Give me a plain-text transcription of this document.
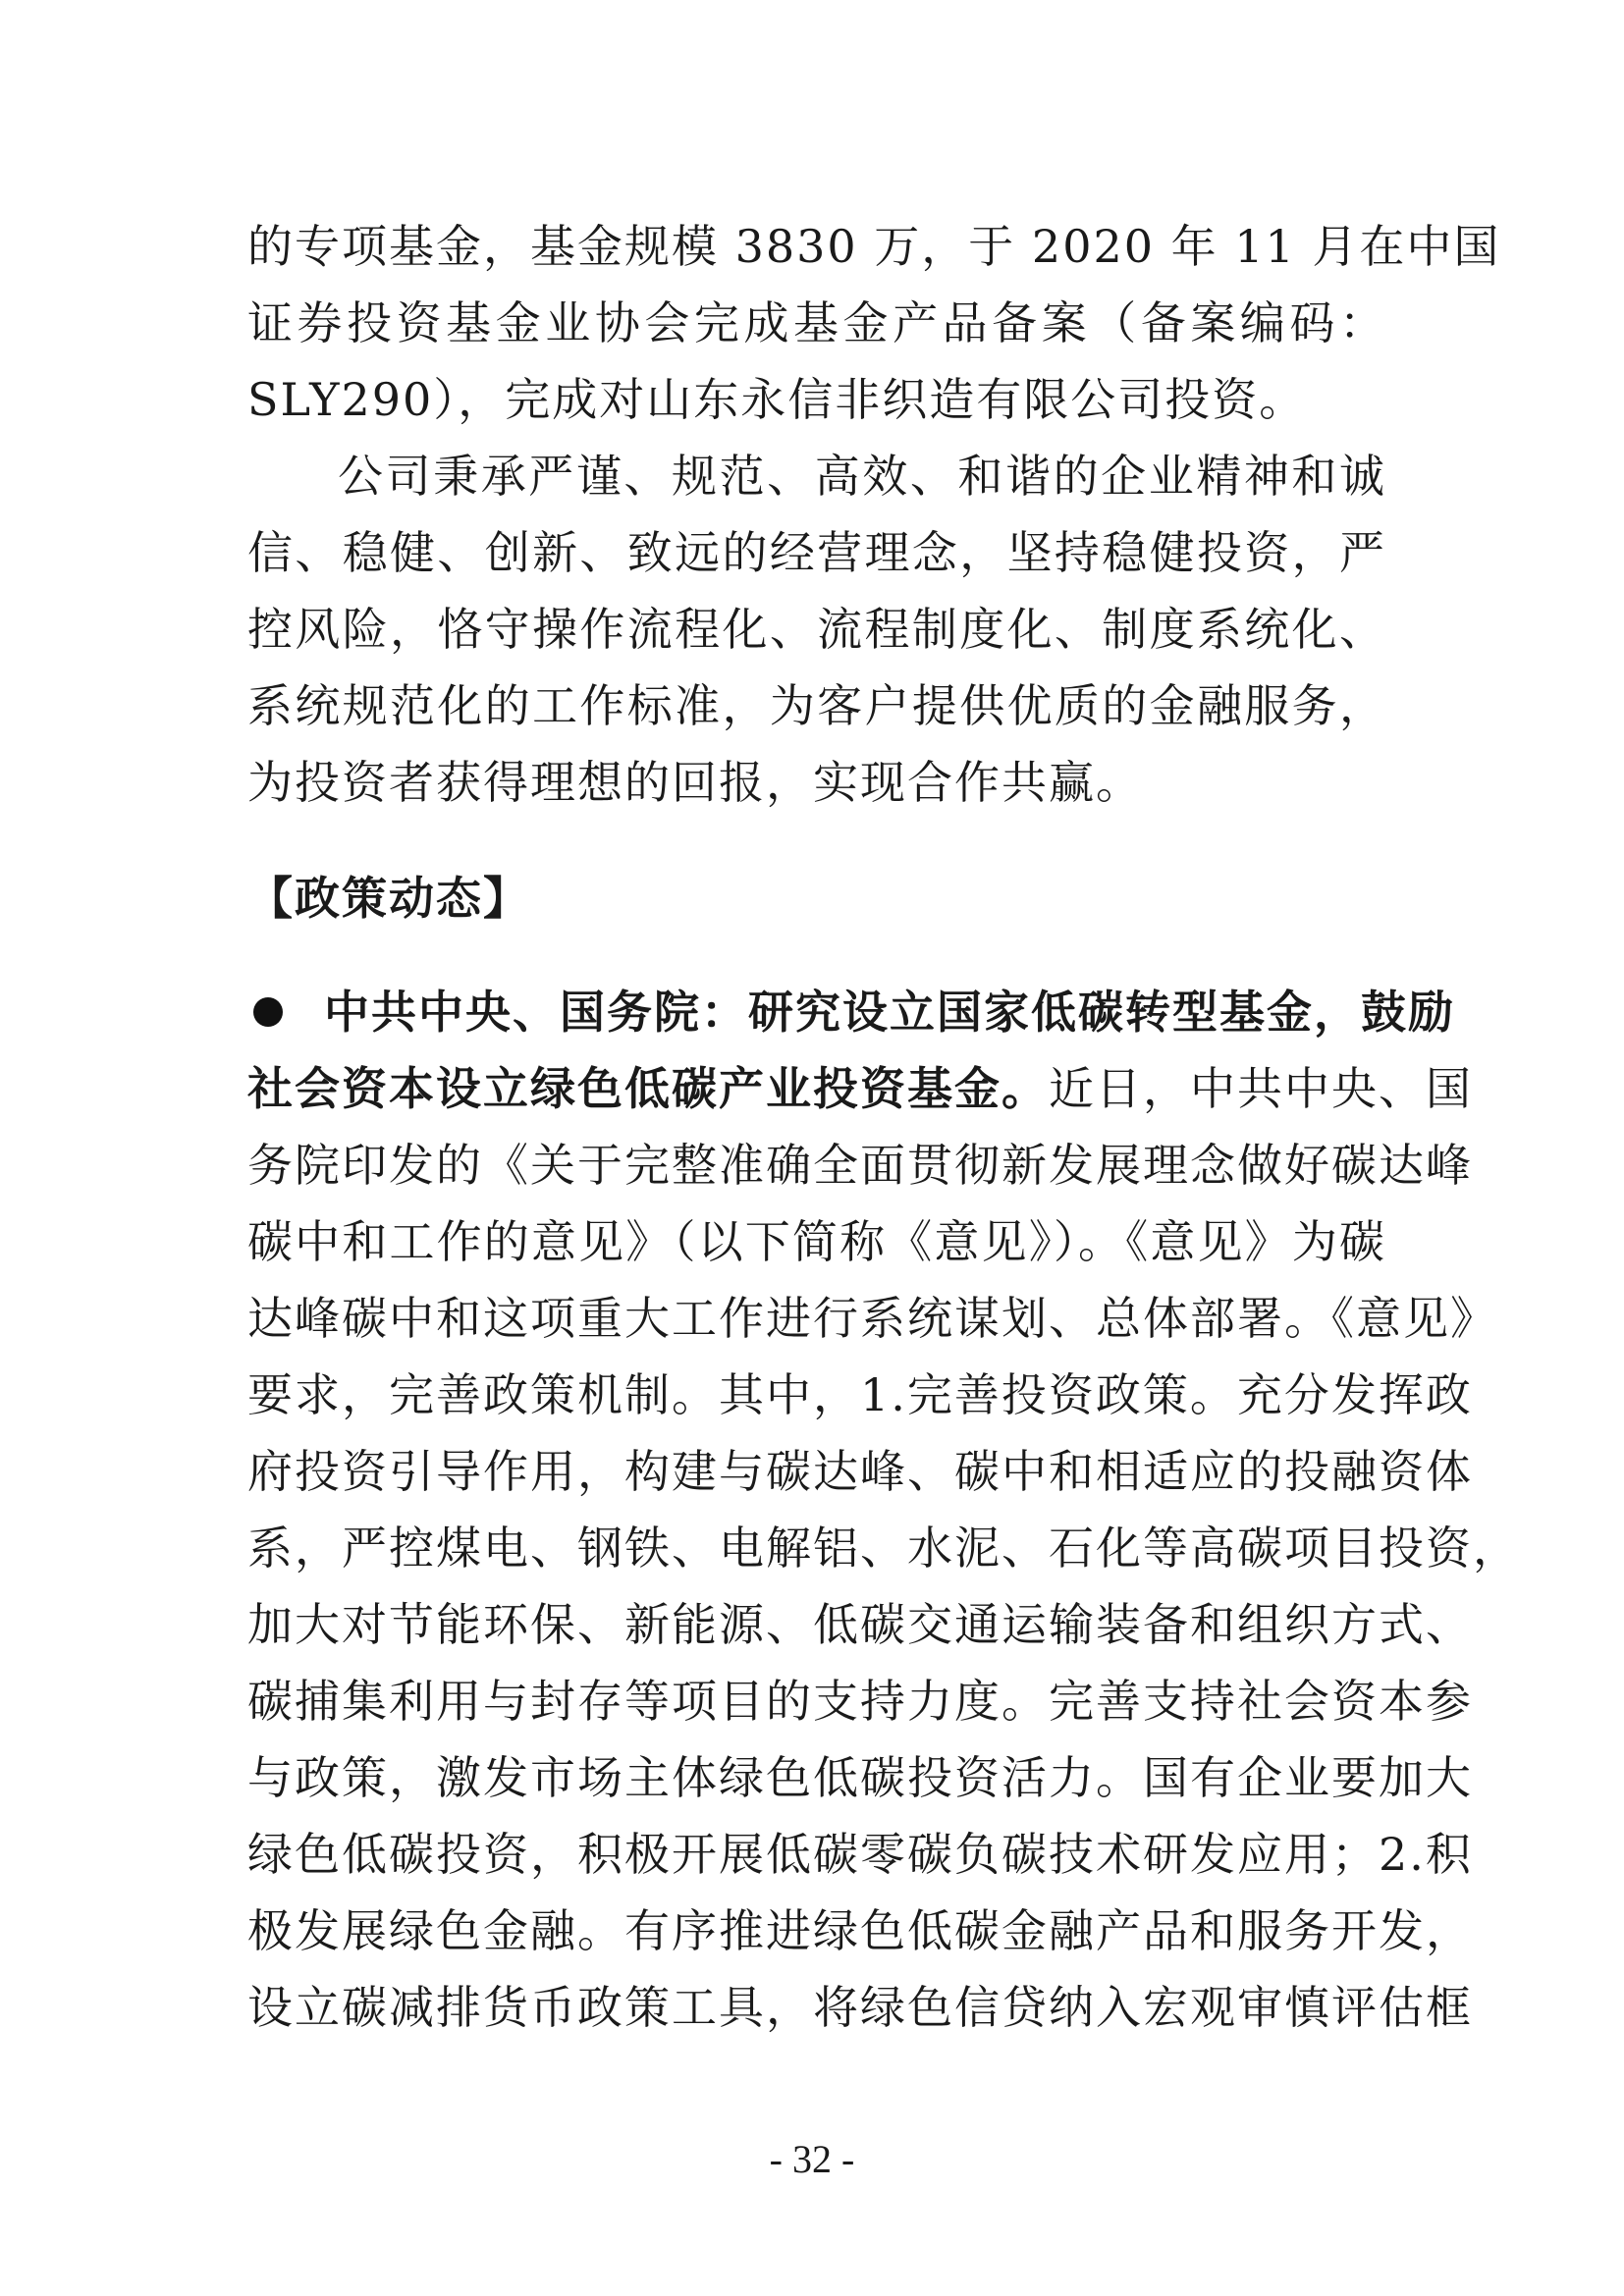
的专项基金，基金规模 3830 万，于 2020 年 11 月在中国
证券投资基金业协会完成基金产品备案（备案编码：
SLY290），完成对山东永信非织造有限公司投资。
公司秉承严谨、规范、高效、和谐的企业精神和诚
信、稳健、创新、致远的经营理念，坚持稳健投资，严
控风险，恪守操作流程化、流程制度化、制度系统化、
系统规范化的工作标准，为客户提供优质的金融服务，
为投资者获得理想的回报，实现合作共赢。
【政策动态】
中共中央、国务院：研究设立国家低碳转型基金，鼓励
社会资本设立绿色低碳产业投资基金。近日，中共中央、国
务院印发的《关于完整准确全面贯彻新发展理念做好碳达峰
碳中和工作的意见》（以下简称《意见》）。《意见》为碳
达峰碳中和这项重大工作进行系统谋划、总体部署。《意见》
要求，完善政策机制。其中，1.完善投资政策。充分发挥政
府投资引导作用，构建与碳达峰、碳中和相适应的投融资体
系，严控煤电、钢铁、电解铝、水泥、石化等高碳项目投资，
加大对节能环保、新能源、低碳交通运输装备和组织方式、
碳捕集利用与封存等项目的支持力度。完善支持社会资本参
与政策，激发市场主体绿色低碳投资活力。国有企业要加大
绿色低碳投资，积极开展低碳零碳负碳技术研发应用；2.积
极发展绿色金融。有序推进绿色低碳金融产品和服务开发，
设立碳减排货币政策工具，将绿色信贷纳入宏观审慎评估框
- 32 -
